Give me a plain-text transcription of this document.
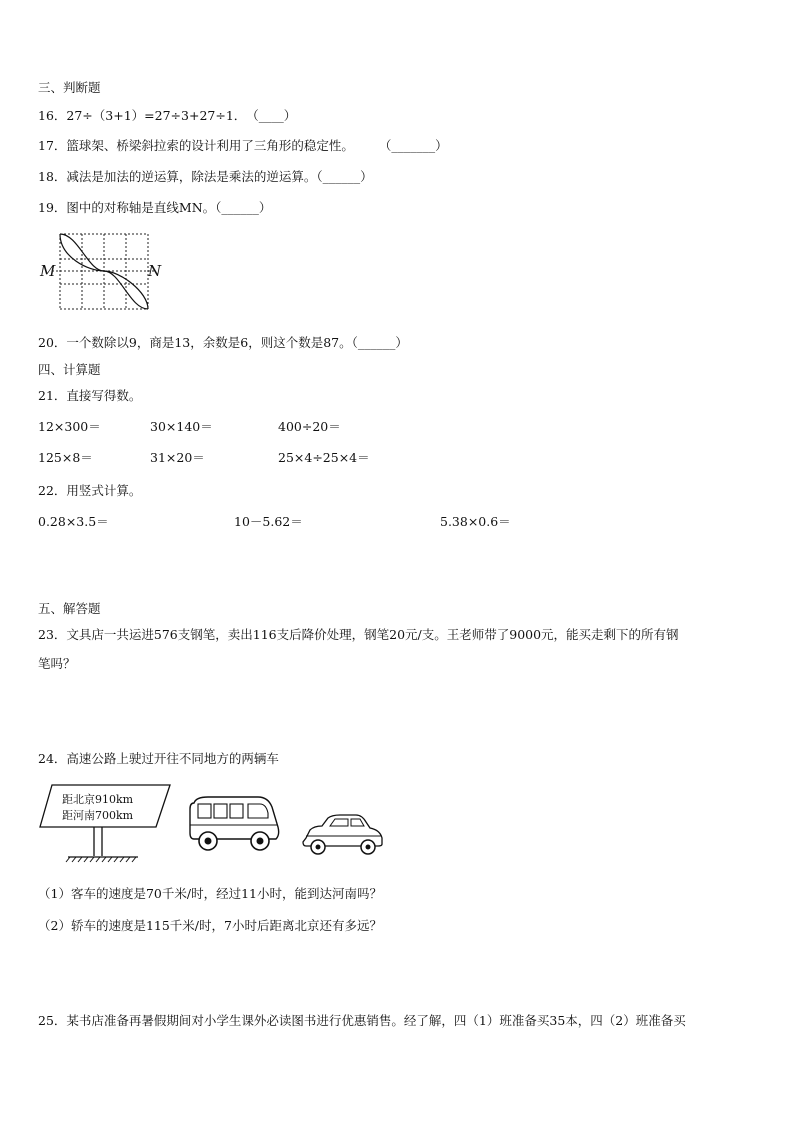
三、判断题
16．27÷（3+1）=27÷3+27÷1．　（____）
17．篮球架、桥梁斜拉索的设计利用了三角形的稳定性。　　　（_______）
18．减法是加法的逆运算，除法是乘法的逆运算。（______）
19．图中的对称轴是直线MN。（______）
M	N
20．一个数除以9，商是13，余数是6，则这个数是87。（______）
四、计算题
21．直接写得数。
12×300＝	30×140＝	400÷20＝
125×8＝	31×20＝	25×4÷25×4＝
22．用竖式计算。
0.28×3.5＝	10－5.62＝	5.38×0.6＝
五、解答题
23．文具店一共运进576支钢笔，卖出116支后降价处理，钢笔20元/支。王老师带了9000元，能买走剩下的所有钢
笔吗？
24．高速公路上驶过开往不同地方的两辆车
距北京910km
距河南700km
（1）客车的速度是70千米/时，经过11小时，能到达河南吗？
（2）轿车的速度是115千米/时，7小时后距离北京还有多远？
25．某书店准备再暑假期间对小学生课外必读图书进行优惠销售。经了解，四（1）班准备买35本，四（2）班准备买
